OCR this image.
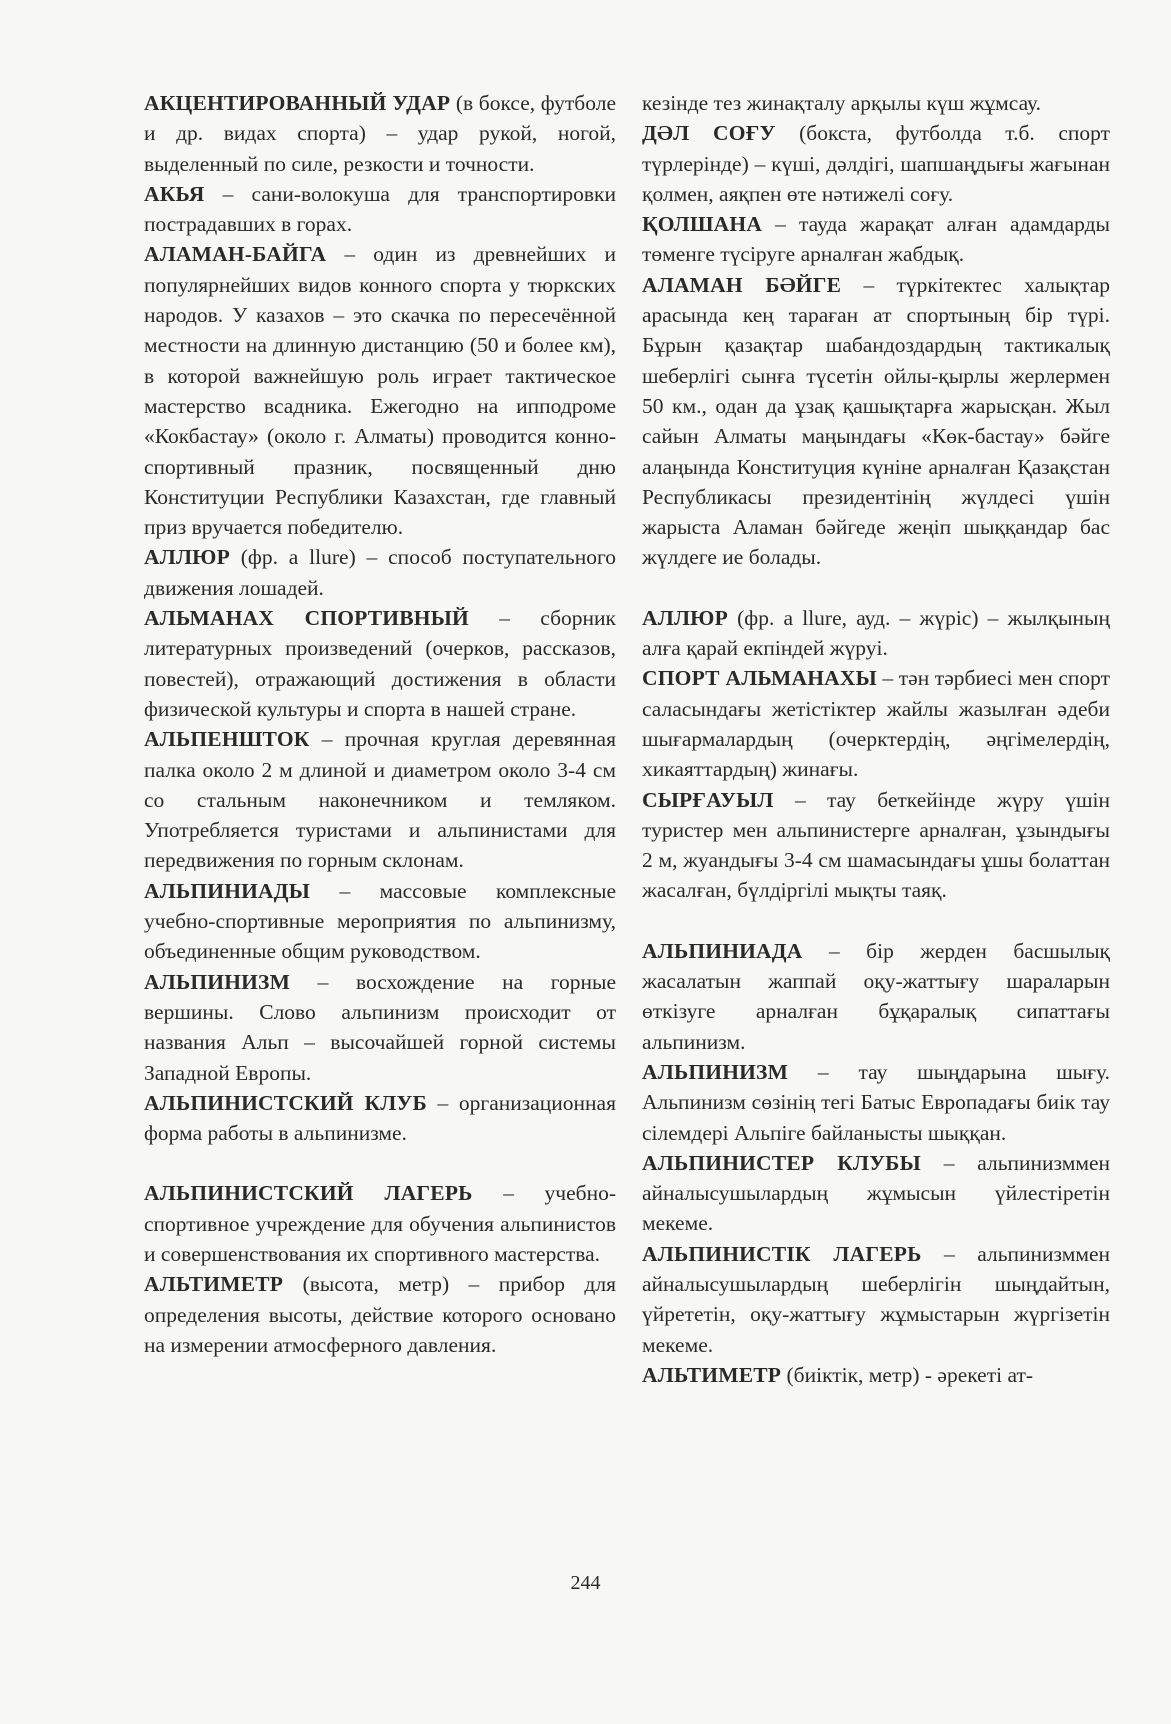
АКЦЕНТИРОВАННЫЙ УДАР (в боксе, футболе и др. видах спорта) – удар рукой, ногой, выделенный по силе, резкости и точности.

АКЬЯ – сани-волокуша для транспортировки пострадавших в горах.

АЛАМАН-БАЙГА – один из древнейших и популярнейших видов конного спорта у тюркских народов. У казахов – это скачка по пересечённой местности на длинную дистанцию (50 и более км), в которой важнейшую роль играет тактическое мастерство всадника. Ежегодно на ипподроме «Кокбастау» (около г. Алматы) проводится конно-спортивный празник, посвященный дню Конституции Республики Казахстан, где главный приз вручается победителю.

АЛЛЮР (фр. a llure) – способ поступательного движения лошадей.

АЛЬМАНАХ СПОРТИВНЫЙ – сборник литературных произведений (очерков, рассказов, повестей), отражающий достижения в области физической культуры и спорта в нашей стране.

АЛЬПЕНШТОК – прочная круглая деревянная палка около 2 м длиной и диаметром около 3-4 см со стальным наконечником и темляком. Употребляется туристами и альпинистами для передвижения по горным склонам.

АЛЬПИНИАДЫ – массовые комплексные учебно-спортивные мероприятия по альпинизму, объединенные общим руководством.

АЛЬПИНИЗМ – восхождение на горные вершины. Слово альпинизм происходит от названия Альп – высочайшей горной системы Западной Европы.

АЛЬПИНИСТСКИЙ КЛУБ – организационная форма работы в альпинизме.

АЛЬПИНИСТСКИЙ ЛАГЕРЬ – учебно-спортивное учреждение для обучения альпинистов и совершенствования их спортивного мастерства.

АЛЬТИМЕТР (высота, метр) – прибор для определения высоты, действие которого основано на измерении атмосферного давления.

кезінде тез жинақталу арқылы күш жұмсау.

ДӘЛ СОҒУ (бокста, футболда т.б. спорт түрлерінде) – күші, дәлдігі, шапшаңдығы жағынан қолмен, аяқпен өте нәтижелі соғу.

ҚОЛШАНА – тауда жарақат алған адамдарды төменге түсіруге арналған жабдық.

АЛАМАН БӘЙГЕ – түркітектес халықтар арасында кең тараған ат спортының бір түрі. Бұрын қазақтар шабандоздардың тактикалық шеберлігі сынға түсетін ойлы-қырлы жерлермен 50 км., одан да ұзақ қашықтарға жарысқан. Жыл сайын Алматы маңындағы «Көк-бастау» бәйге алаңында Конституция күніне арналған Қазақстан Республикасы президентінің жүлдесі үшін жарыста Аламан бәйгеде жеңіп шыққандар бас жүлдеге ие болады.

АЛЛЮР (фр. a llure, ауд. – жүріс) – жылқының алға қарай екпіндей жүруі.

СПОРТ АЛЬМАНАХЫ – тән тәрбиесі мен спорт саласындағы жетістіктер жайлы жазылған әдеби шығармалардың (очерктердің, әңгімелердің, хикаяттардың) жинағы.

СЫРҒАУЫЛ – тау беткейінде жүру үшін туристер мен альпинистерге арналған, ұзындығы 2 м, жуандығы 3-4 см шамасындағы ұшы болаттан жасалған, бүлдіргілі мықты таяқ.

АЛЬПИНИАДА – бір жерден басшылық жасалатын жаппай оқу-жаттығу шараларын өткізуге арналған бұқаралық сипаттағы альпинизм.

АЛЬПИНИЗМ – тау шыңдарына шығу. Альпинизм сөзінің тегі Батыс Европадағы биік тау сілемдері Альпіге байланысты шыққан.

АЛЬПИНИСТЕР КЛУБЫ – альпинизммен айналысушылардың жұмысын үйлестіретін мекеме.

АЛЬПИНИСТІК ЛАГЕРЬ – альпинизммен айналысушылардың шеберлігін шыңдайтын, үйрететін, оқу-жаттығу жұмыстарын жүргізетін мекеме.

АЛЬТИМЕТР (биіктік, метр) - әрекеті ат-

244
